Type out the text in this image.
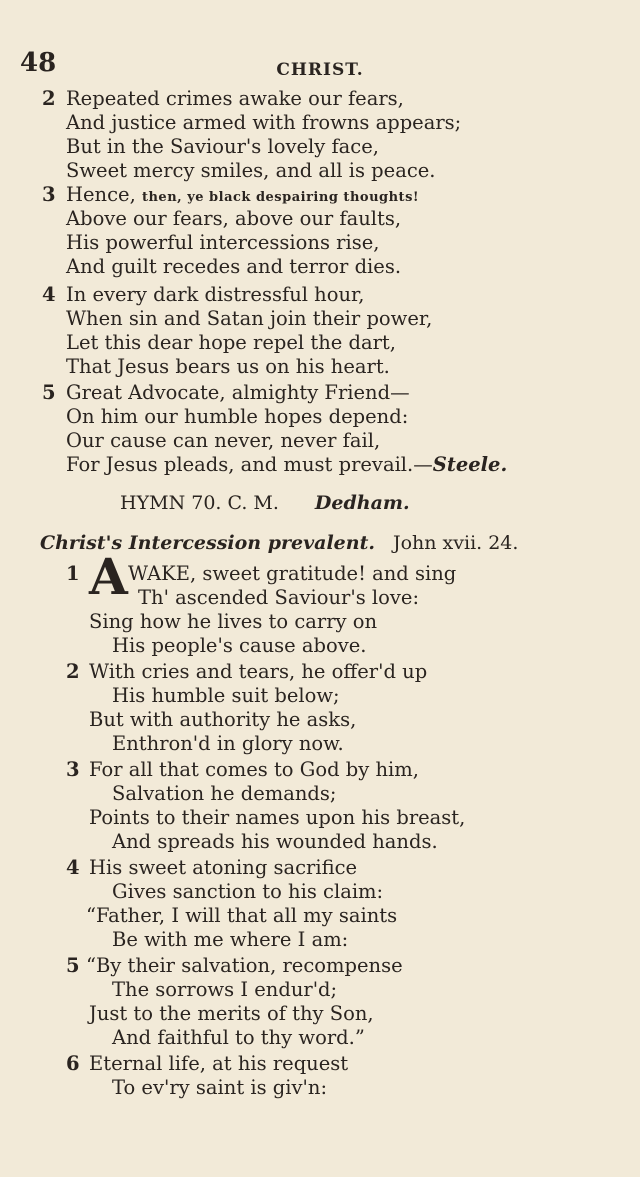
48	CHRIST.
2 Repeated crimes awake our fears,
And justice armed with frowns appears;
But in the Saviour's lovely face,
Sweet mercy smiles, and all is peace.
3 Hence, then, ye black despairing thoughts!
Above our fears, above our faults,
His powerful intercessions rise,
And guilt recedes and terror dies.
4 In every dark distressful hour,
When sin and Satan join their power,
Let this dear hope repel the dart,
That Jesus bears us on his heart.
5 Great Advocate, almighty Friend—
On him our humble hopes depend:
Our cause can never, never fail,
For Jesus pleads, and must prevail.—Steele.
HYMN 70. C. M. Dedham.
Christ's Intercession prevalent. John xvii. 24.
1 A WAKE, sweet gratitude! and sing
Th' ascended Saviour's love:
Sing how he lives to carry on
His people's cause above.
2 With cries and tears, he offer'd up
His humble suit below;
But with authority he asks,
Enthron'd in glory now.
3 For all that comes to God by him,
Salvation he demands;
Points to their names upon his breast,
And spreads his wounded hands.
4 His sweet atoning sacrifice
Gives sanction to his claim:
“Father, I will that all my saints
Be with me where I am:
5 “By their salvation, recompense
The sorrows I endur'd;
Just to the merits of thy Son,
And faithful to thy word.”
6 Eternal life, at his request
To ev'ry saint is giv'n:
